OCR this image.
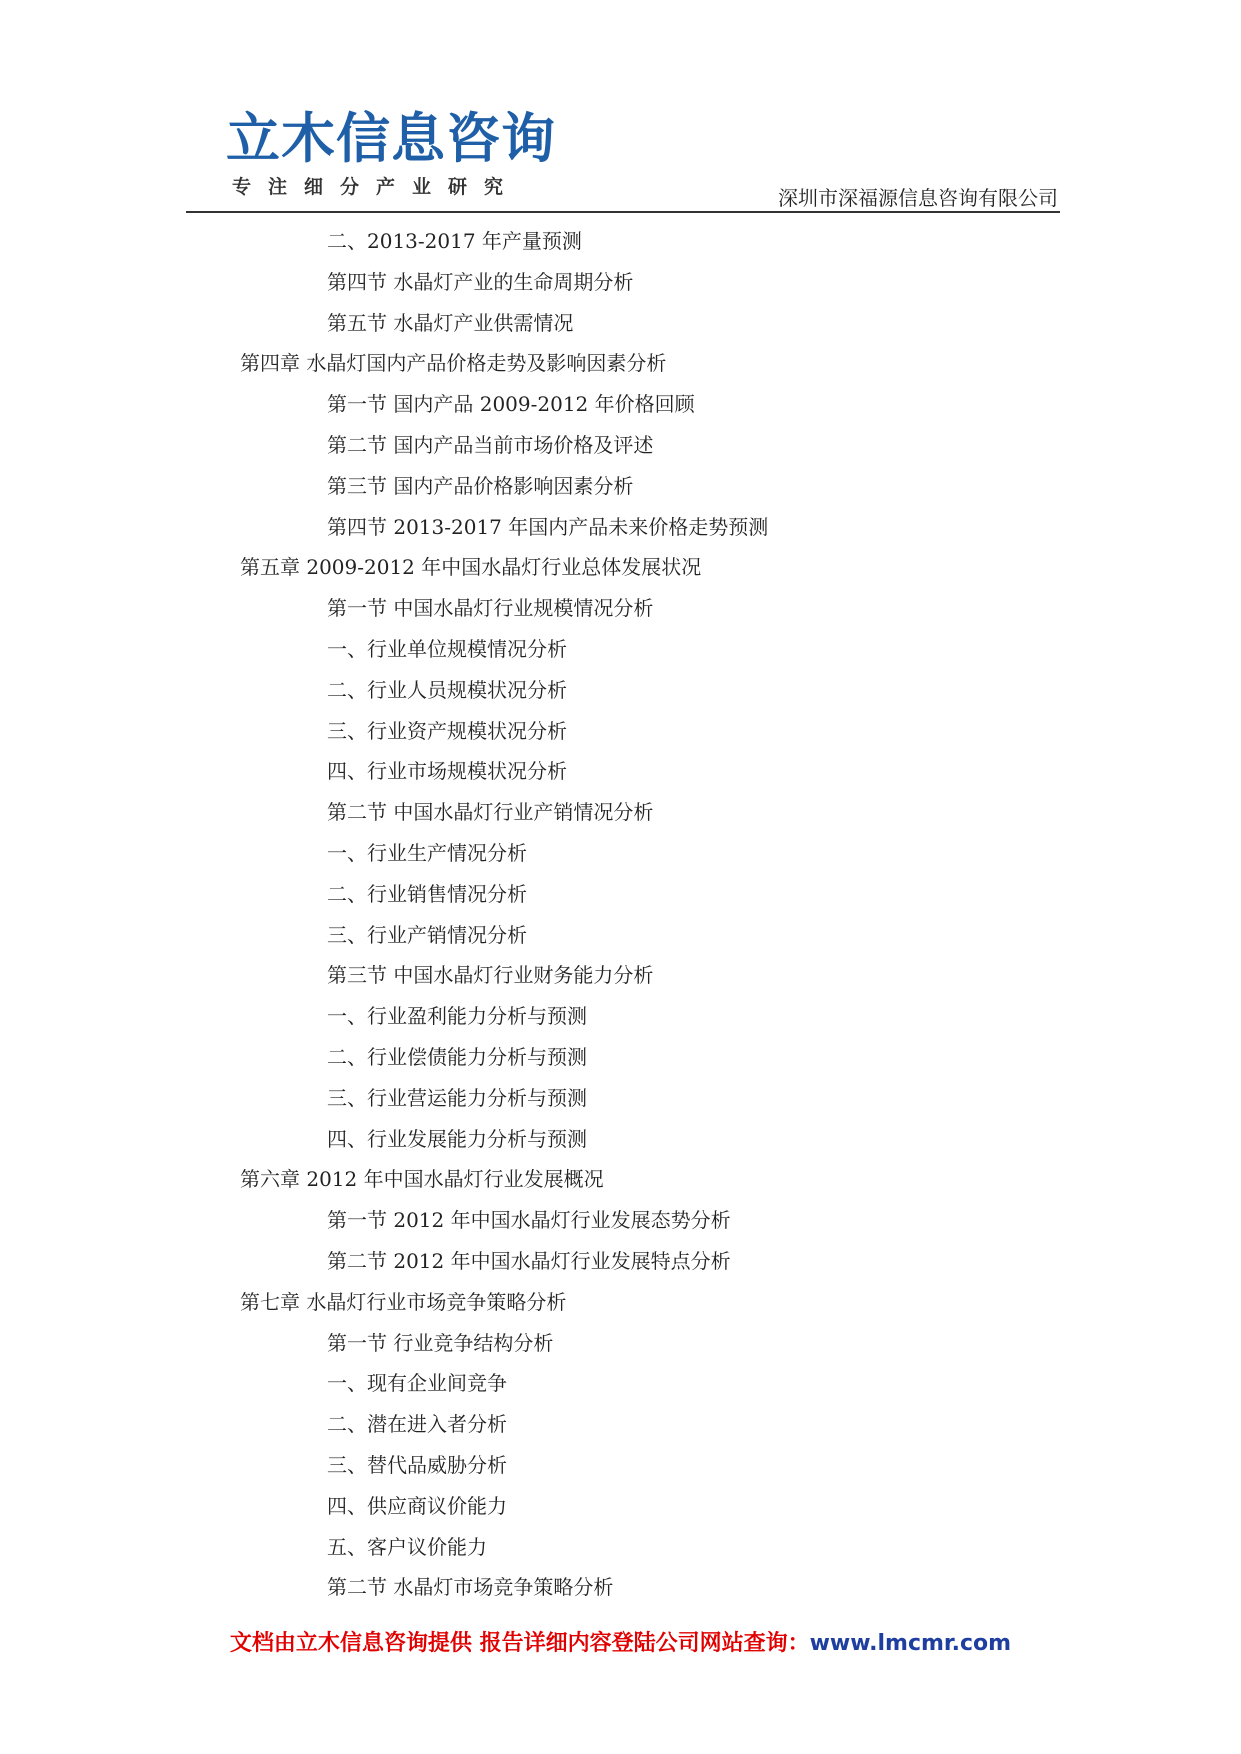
立木信息咨询
专注细分产业研究	深圳市深福源信息咨询有限公司
二、2013-2017 年产量预测
第四节 水晶灯产业的生命周期分析
第五节 水晶灯产业供需情况
第四章 水晶灯国内产品价格走势及影响因素分析
第一节 国内产品 2009-2012 年价格回顾
第二节 国内产品当前市场价格及评述
第三节 国内产品价格影响因素分析
第四节 2013-2017 年国内产品未来价格走势预测
第五章 2009-2012 年中国水晶灯行业总体发展状况
第一节 中国水晶灯行业规模情况分析
一、行业单位规模情况分析
二、行业人员规模状况分析
三、行业资产规模状况分析
四、行业市场规模状况分析
第二节 中国水晶灯行业产销情况分析
一、行业生产情况分析
二、行业销售情况分析
三、行业产销情况分析
第三节 中国水晶灯行业财务能力分析
一、行业盈利能力分析与预测
二、行业偿债能力分析与预测
三、行业营运能力分析与预测
四、行业发展能力分析与预测
第六章 2012 年中国水晶灯行业发展概况
第一节 2012 年中国水晶灯行业发展态势分析
第二节 2012 年中国水晶灯行业发展特点分析
第七章 水晶灯行业市场竞争策略分析
第一节 行业竞争结构分析
一、现有企业间竞争
二、潜在进入者分析
三、替代品威胁分析
四、供应商议价能力
五、客户议价能力
第二节 水晶灯市场竞争策略分析
文档由立木信息咨询提供 报告详细内容登陆公司网站查询：www.lmcmr.com
